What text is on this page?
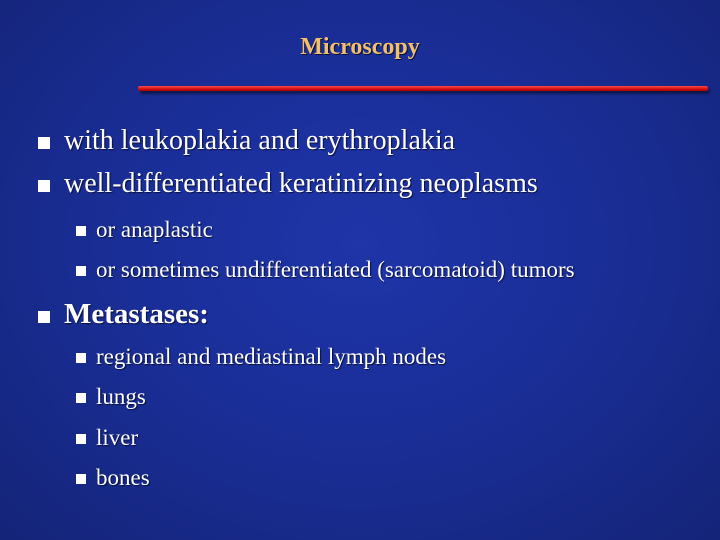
Microscopy
with leukoplakia and erythroplakia
well-differentiated keratinizing neoplasms
or anaplastic
or sometimes undifferentiated (sarcomatoid) tumors
Metastases:
regional and mediastinal lymph nodes
lungs
liver
bones
